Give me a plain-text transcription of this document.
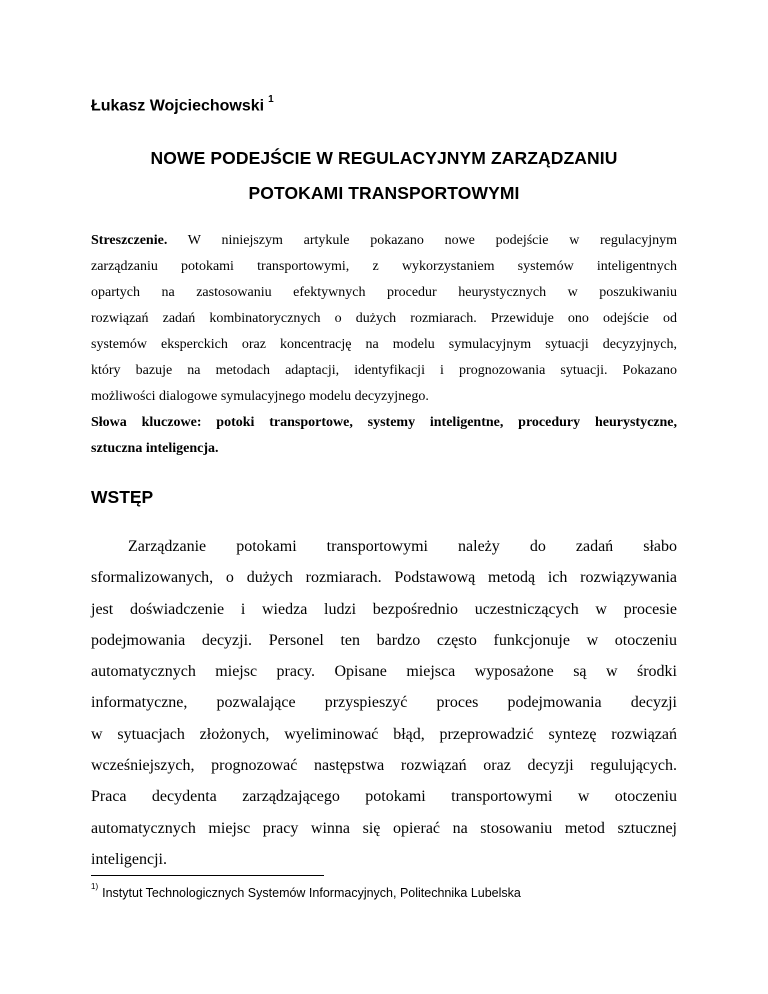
Łukasz Wojciechowski $^1$
NOWE PODEJŚCIE W REGULACYJNYM ZARZĄDZANIU
POTOKAMI TRANSPORTOWYMI
Streszczenie. W niniejszym artykule pokazano nowe podejście w regulacyjnym
zarządzaniu potokami transportowymi, z wykorzystaniem systemów inteligentnych
opartych na zastosowaniu efektywnych procedur heurystycznych w poszukiwaniu
rozwiązań zadań kombinatorycznych o dużych rozmiarach. Przewiduje ono odejście od
systemów eksperckich oraz koncentrację na modelu symulacyjnym sytuacji decyzyjnych,
który bazuje na metodach adaptacji, identyfikacji i prognozowania sytuacji. Pokazano
możliwości dialogowe symulacyjnego modelu decyzyjnego.
Słowa kluczowe: potoki transportowe, systemy inteligentne, procedury heurystyczne,
sztuczna inteligencja.
WSTĘP
Zarządzanie potokami transportowymi należy do zadań słabo
sformalizowanych, o dużych rozmiarach. Podstawową metodą ich rozwiązywania
jest doświadczenie i wiedza ludzi bezpośrednio uczestniczących w procesie
podejmowania decyzji. Personel ten bardzo często funkcjonuje w otoczeniu
automatycznych miejsc pracy. Opisane miejsca wyposażone są w środki
informatyczne, pozwalające przyspieszyć proces podejmowania decyzji
w sytuacjach złożonych, wyeliminować błąd, przeprowadzić syntezę rozwiązań
wcześniejszych, prognozować następstwa rozwiązań oraz decyzji regulujących.
Praca decydenta zarządzającego potokami transportowymi w otoczeniu
automatycznych miejsc pracy winna się opierać na stosowaniu metod sztucznej
inteligencji.
$^{1)}$ Instytut Technologicznych Systemów Informacyjnych, Politechnika Lubelska
